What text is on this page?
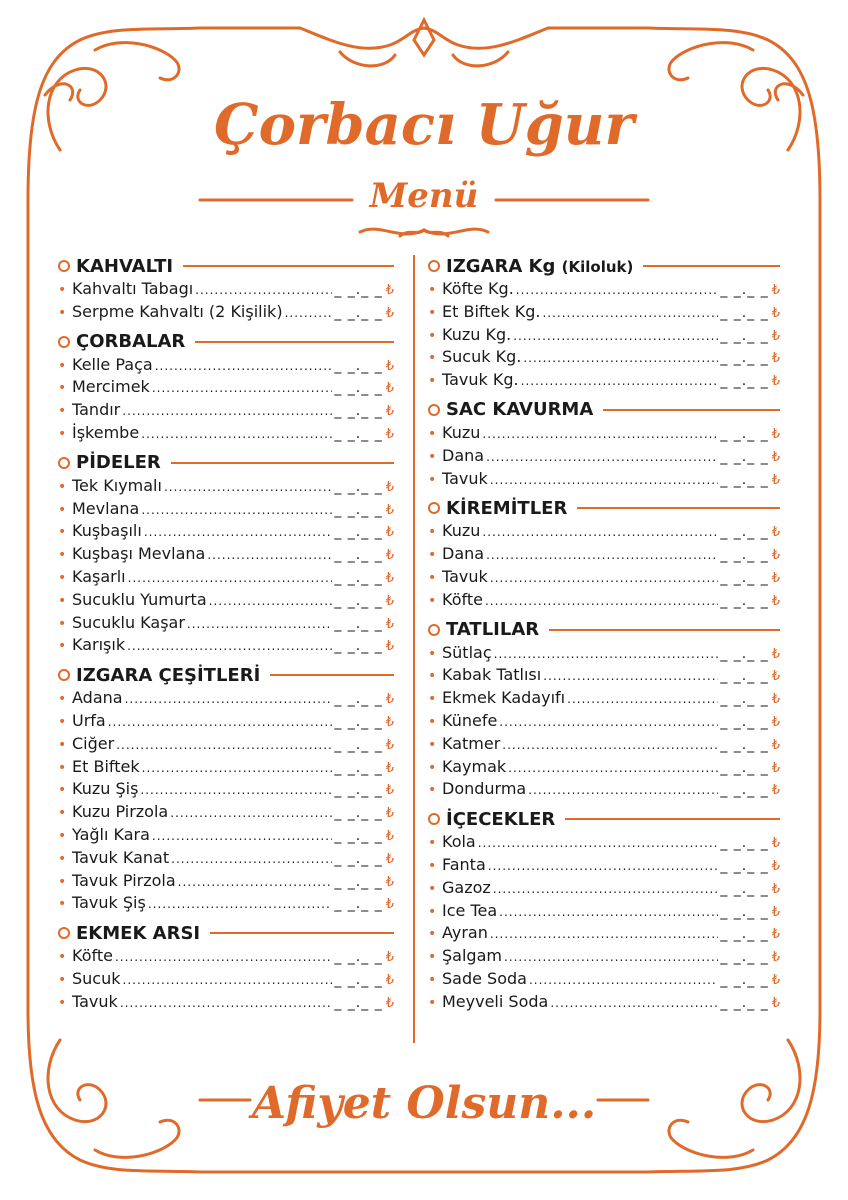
Çorbacı Uğur
Menü
KAHVALTI
• Kahvaltı Tabagı .....	_ _._ _ ₺
• Serpme Kahvaltı (2 Kişilik) .....	_ _._ _ ₺
ÇORBALAR
• Kelle Paça .....	_ _._ _ ₺
• Mercimek .....	_ _._ _ ₺
• Tandır .....	_ _._ _ ₺
• İşkembe .....	_ _._ _ ₺
PİDELER
• Tek Kıymalı .....	_ _._ _ ₺
• Mevlana .....	_ _._ _ ₺
• Kuşbaşılı .....	_ _._ _ ₺
• Kuşbaşı Mevlana .....	_ _._ _ ₺
• Kaşarlı .....	_ _._ _ ₺
• Sucuklu Yumurta .....	_ _._ _ ₺
• Sucuklu Kaşar .....	_ _._ _ ₺
• Karışık .....	_ _._ _ ₺
IZGARA ÇEŞİTLERİ
• Adana .....	_ _._ _ ₺
• Urfa .....	_ _._ _ ₺
• Ciğer .....	_ _._ _ ₺
• Et Biftek .....	_ _._ _ ₺
• Kuzu Şiş .....	_ _._ _ ₺
• Kuzu Pirzola .....	_ _._ _ ₺
• Yağlı Kara .....	_ _._ _ ₺
• Tavuk Kanat .....	_ _._ _ ₺
• Tavuk Pirzola .....	_ _._ _ ₺
• Tavuk Şiş .....	_ _._ _ ₺
EKMEK ARSI
• Köfte .....	_ _._ _ ₺
• Sucuk .....	_ _._ _ ₺
• Tavuk .....	_ _._ _ ₺
IZGARA Kg (Kiloluk)
• Köfte Kg. .....	_ _._ _ ₺
• Et Biftek Kg. .....	_ _._ _ ₺
• Kuzu Kg. .....	_ _._ _ ₺
• Sucuk Kg. .....	_ _._ _ ₺
• Tavuk Kg. .....	_ _._ _ ₺
SAC KAVURMA
• Kuzu .....	_ _._ _ ₺
• Dana .....	_ _._ _ ₺
• Tavuk .....	_ _._ _ ₺
KİREMİTLER
• Kuzu .....	_ _._ _ ₺
• Dana .....	_ _._ _ ₺
• Tavuk .....	_ _._ _ ₺
• Köfte .....	_ _._ _ ₺
TATLILAR
• Sütlaç .....	_ _._ _ ₺
• Kabak Tatlısı .....	_ _._ _ ₺
• Ekmek Kadayıfı .....	_ _._ _ ₺
• Künefe .....	_ _._ _ ₺
• Katmer .....	_ _._ _ ₺
• Kaymak .....	_ _._ _ ₺
• Dondurma .....	_ _._ _ ₺
İÇECEKLER
• Kola .....	_ _._ _ ₺
• Fanta .....	_ _._ _ ₺
• Gazoz .....	_ _._ _ ₺
• Ice Tea .....	_ _._ _ ₺
• Ayran .....	_ _._ _ ₺
• Şalgam .....	_ _._ _ ₺
• Sade Soda .....	_ _._ _ ₺
• Meyveli Soda .....	_ _._ _ ₺
Afiyet Olsun...
